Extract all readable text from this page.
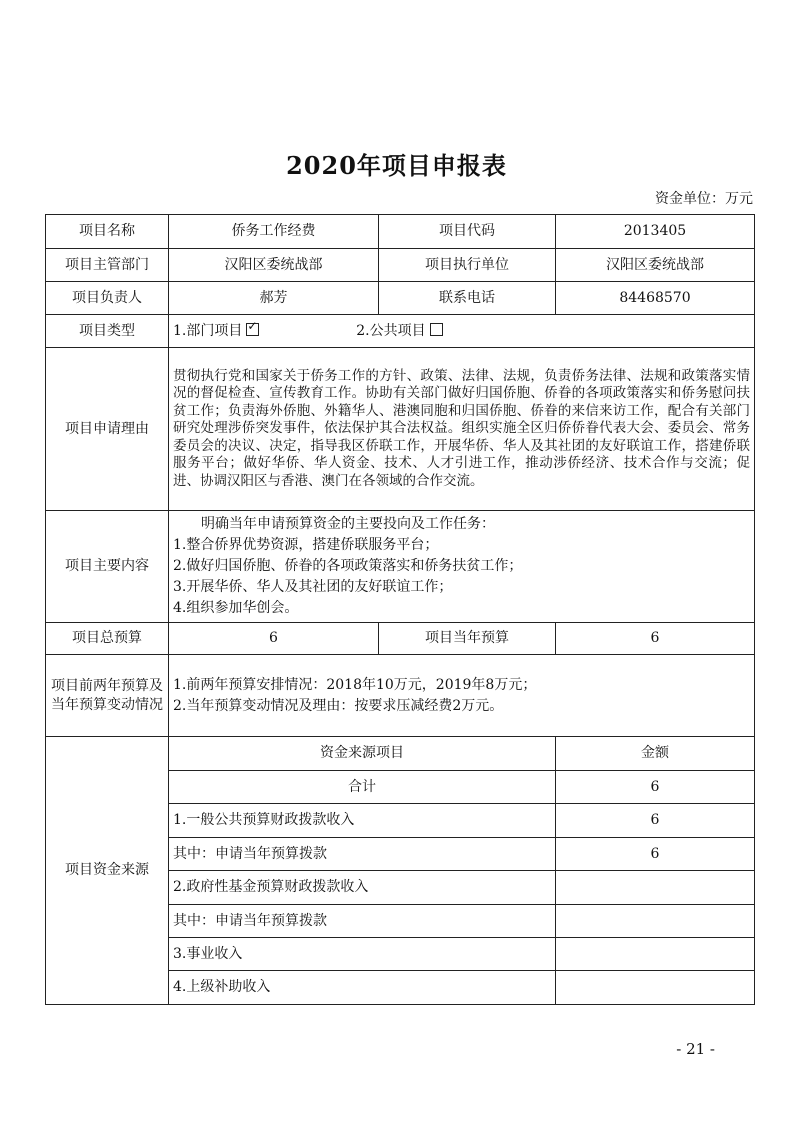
2020年项目申报表
资金单位：万元
项目名称	侨务工作经费	项目代码	2013405
项目主管部门	汉阳区委统战部	项目执行单位	汉阳区委统战部
项目负责人	郝芳	联系电话	84468570
项目类型	1.部门项目 ✓ 2.公共项目
项目申请理由	贯彻执行党和国家关于侨务工作的方针、政策、法律、法规，负责侨务法律、法规和政策落实情况的督促检查、宣传教育工作。协助有关部门做好归国侨胞、侨眷的各项政策落实和侨务慰问扶贫工作；负责海外侨胞、外籍华人、港澳同胞和归国侨胞、侨眷的来信来访工作，配合有关部门研究处理涉侨突发事件，依法保护其合法权益。组织实施全区归侨侨眷代表大会、委员会、常务委员会的决议、决定，指导我区侨联工作，开展华侨、华人及其社团的友好联谊工作，搭建侨联服务平台；做好华侨、华人资金、技术、人才引进工作，推动涉侨经济、技术合作与交流；促进、协调汉阳区与香港、澳门在各领域的合作交流。		
项目主要内容	明确当年申请预算资金的主要投向及工作任务：
1.整合侨界优势资源，搭建侨联服务平台；
2.做好归国侨胞、侨眷的各项政策落实和侨务扶贫工作；
3.开展华侨、华人及其社团的友好联谊工作；
4.组织参加华创会。		

项目总预算	6	项目当年预算	6
项目前两年预算及当年预算变动情况	1.前两年预算安排情况：2018年10万元，2019年8万元；
2.当年预算变动情况及理由：按要求压减经费2万元。		

项目资金来源	资金来源项目		金额
	合计		6
	1.一般公共预算财政拨款收入		6
	其中：申请当年预算拨款		6
	2.政府性基金预算财政拨款收入		
	其中：申请当年预算拨款		
	3.事业收入		
	4.上级补助收入		
- 21 -
